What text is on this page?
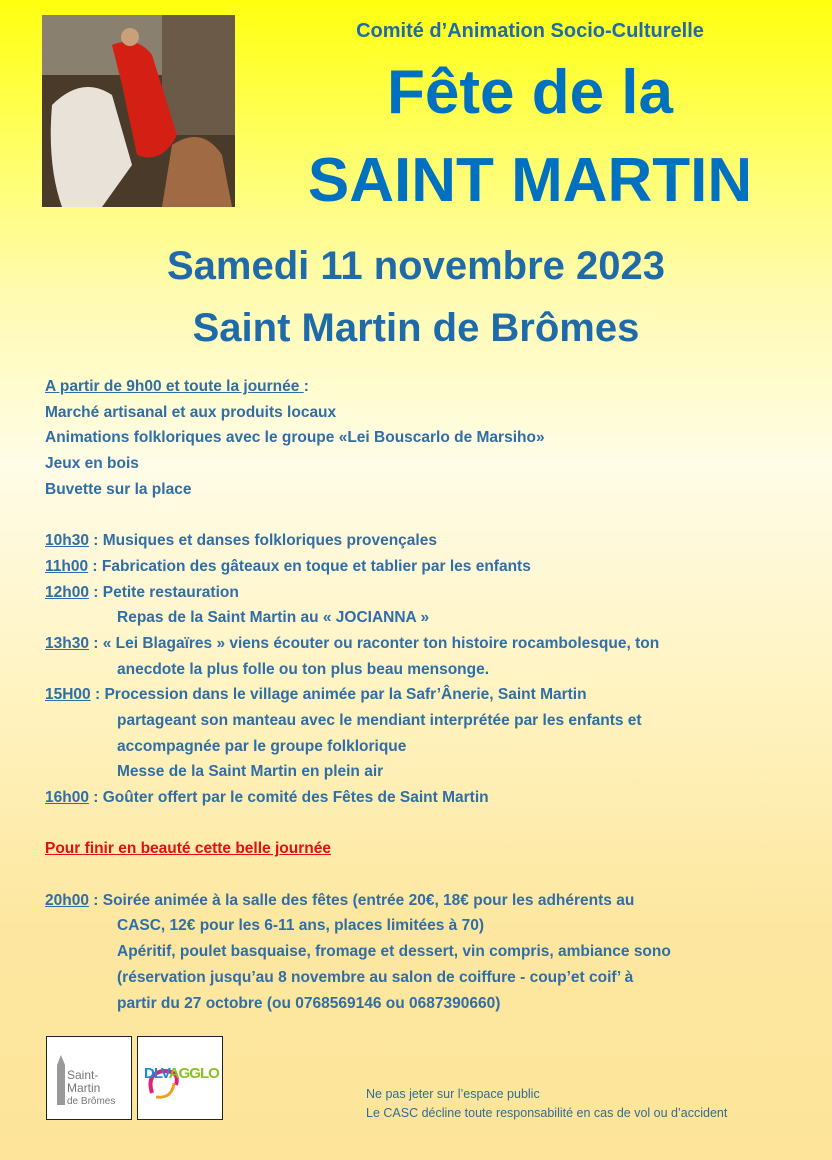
Comité d’Animation Socio-Culturelle
Fête de la
SAINT MARTIN
Samedi 11 novembre 2023
Saint Martin de Brômes
A partir de 9h00 et toute la journée :
Marché artisanal et aux produits locaux
Animations folkloriques avec le groupe «Lei Bouscarlo de Marsiho»
Jeux en bois
Buvette sur la place
10h30 : Musiques et danses folkloriques provençales
11h00 : Fabrication des gâteaux en toque et tablier par les enfants
12h00 : Petite restauration
Repas de la Saint Martin au « JOCIANNA »
13h30 : « Lei Blagaïres » viens écouter ou raconter ton histoire rocambolesque, ton
anecdote la plus folle ou ton plus beau mensonge.
15H00 : Procession dans le village animée par la Safr’Ânerie, Saint Martin
partageant son manteau avec le mendiant interprétée par les enfants et
accompagnée par le groupe folklorique
Messe de la Saint Martin en plein air
16h00 : Goûter offert par le comité des Fêtes de Saint Martin
Pour finir en beauté cette belle journée
20h00 : Soirée animée à la salle des fêtes (entrée 20€, 18€ pour les adhérents au
CASC, 12€ pour les 6-11 ans, places limitées à 70)
Apéritif, poulet basquaise, fromage et dessert, vin compris, ambiance sono
(réservation jusqu’au 8 novembre au salon de coiffure - coup’et coif’ à
partir du 27 octobre (ou 0768569146 ou 0687390660)
Saint-Martin
de Brômes
DLVAGGLO
Ne pas jeter sur l’espace public
Le CASC décline toute responsabilité en cas de vol ou d’accident
